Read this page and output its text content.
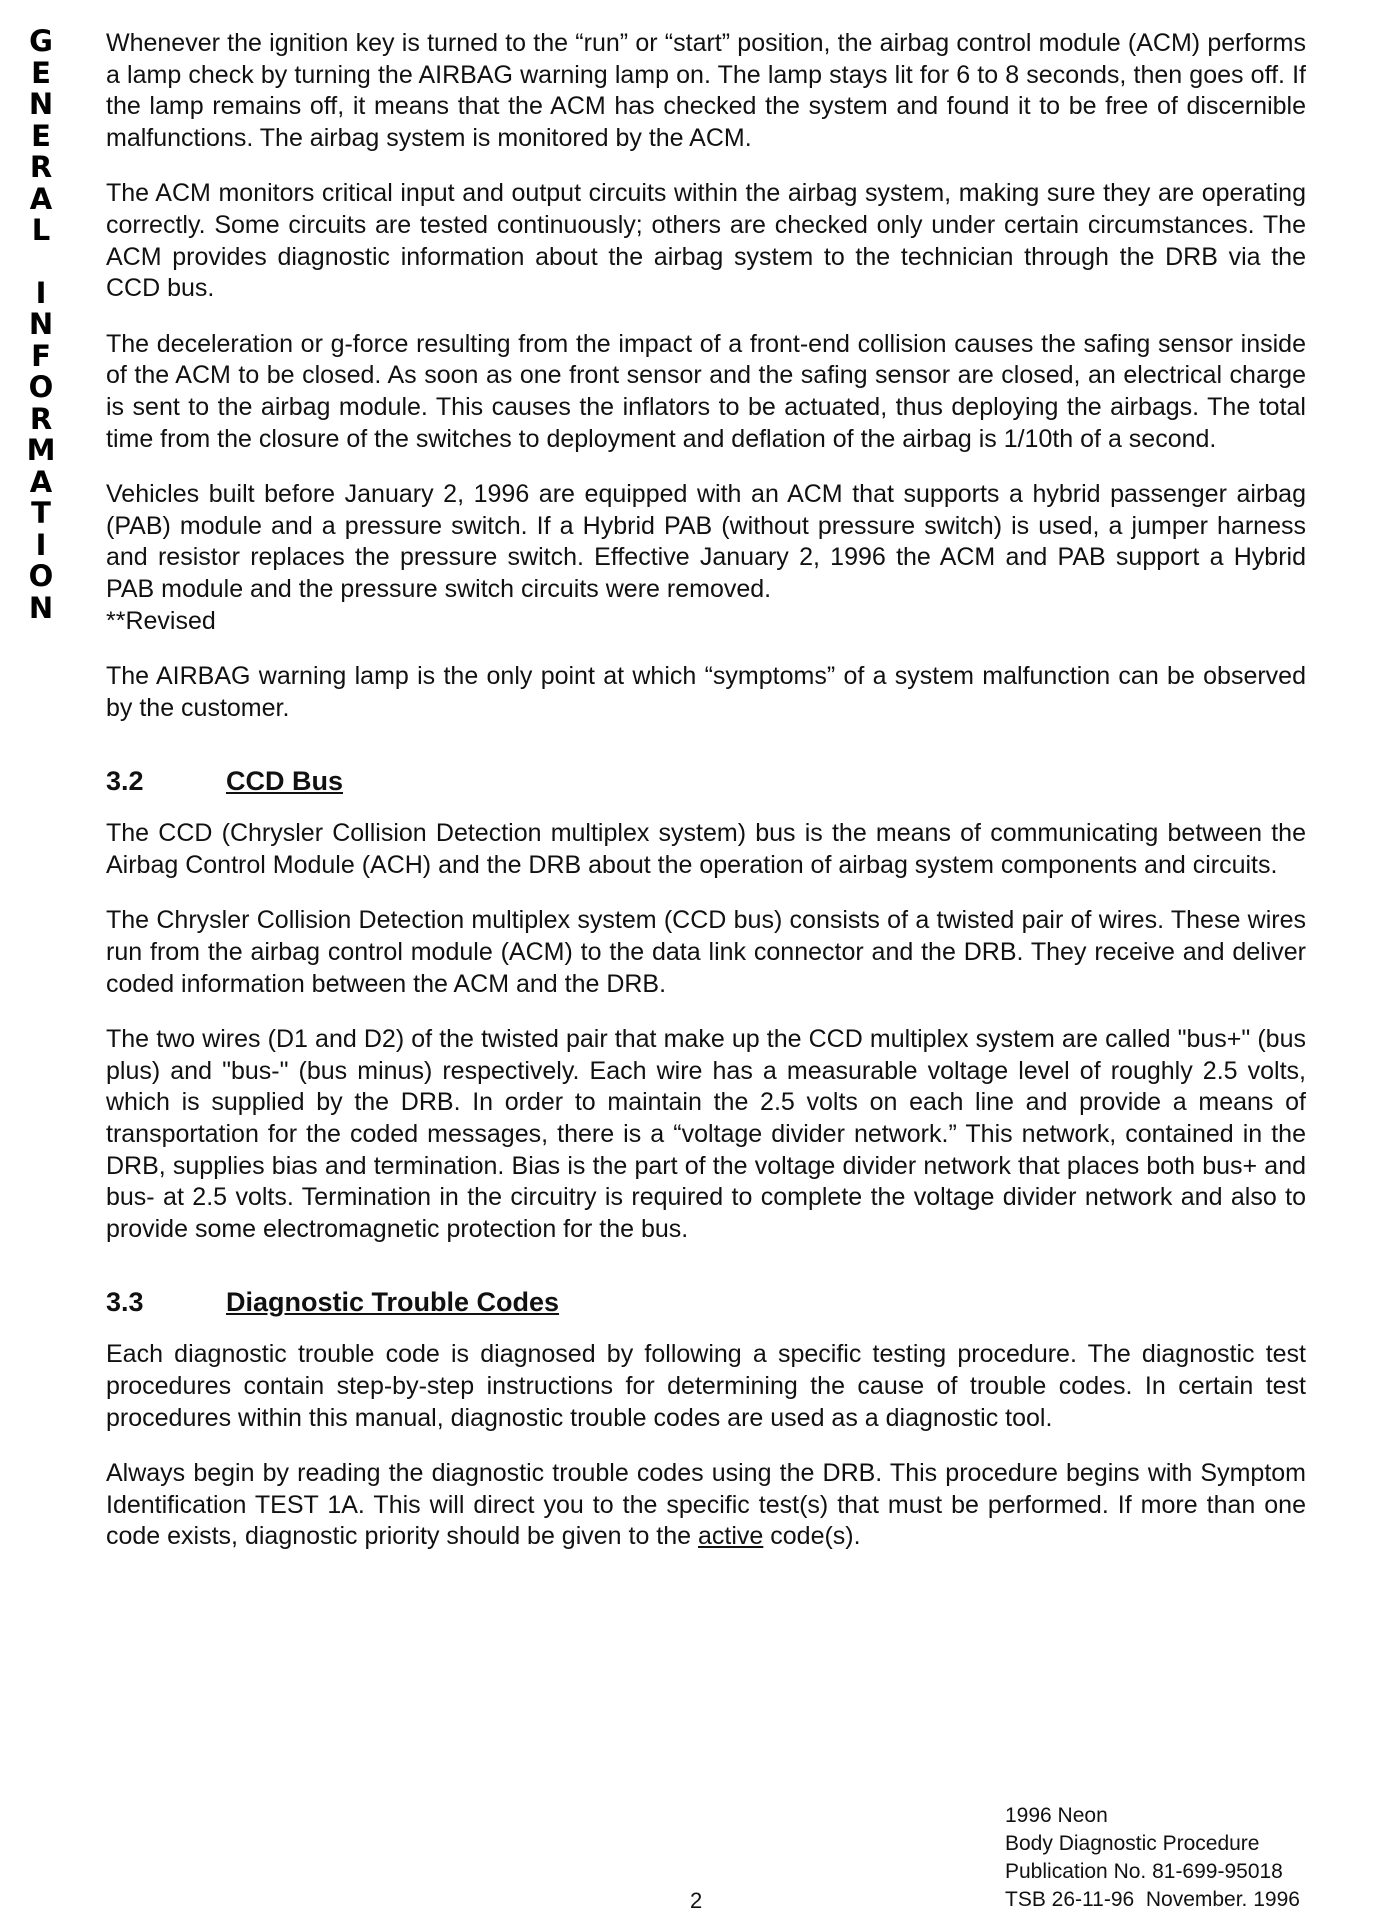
G
E
N
E
R
A
L
I
N
F
O
R
M
A
T
I
O
N

Whenever the ignition key is turned to the “run” or “start” position, the airbag control module (ACM) performs a lamp check by turning the AIRBAG warning lamp on. The lamp stays lit for 6 to 8 seconds, then goes off. If the lamp remains off, it means that the ACM has checked the system and found it to be free of discernible malfunctions. The airbag system is monitored by the ACM.

The ACM monitors critical input and output circuits within the airbag system, making sure they are operating correctly. Some circuits are tested continuously; others are checked only under certain circumstances. The ACM provides diagnostic information about the airbag system to the technician through the DRB via the CCD bus.

The deceleration or g-force resulting from the impact of a front-end collision causes the safing sensor inside of the ACM to be closed. As soon as one front sensor and the safing sensor are closed, an electrical charge is sent to the airbag module. This causes the inflators to be actuated, thus deploying the airbags. The total time from the closure of the switches to deployment and deflation of the airbag is 1/10th of a second.

Vehicles built before January 2, 1996 are equipped with an ACM that supports a hybrid passenger airbag (PAB) module and a pressure switch. If a Hybrid PAB (without pressure switch) is used, a jumper harness and resistor replaces the pressure switch. Effective January 2, 1996 the ACM and PAB support a Hybrid PAB module and the pressure switch circuits were removed.

**Revised

The AIRBAG warning lamp is the only point at which “symptoms” of a system malfunction can be observed by the customer.

3.2	CCD Bus

The CCD (Chrysler Collision Detection multiplex system) bus is the means of communicating between the Airbag Control Module (ACH) and the DRB about the operation of airbag system components and circuits.

The Chrysler Collision Detection multiplex system (CCD bus) consists of a twisted pair of wires. These wires run from the airbag control module (ACM) to the data link connector and the DRB. They receive and deliver coded information between the ACM and the DRB.

The two wires (D1 and D2) of the twisted pair that make up the CCD multiplex system are called "bus+" (bus plus) and "bus-" (bus minus) respectively. Each wire has a measurable voltage level of roughly 2.5 volts, which is supplied by the DRB. In order to maintain the 2.5 volts on each line and provide a means of transportation for the coded messages, there is a “voltage divider network.” This network, contained in the DRB, supplies bias and termination. Bias is the part of the voltage divider network that places both bus+ and bus- at 2.5 volts. Termination in the circuitry is required to complete the voltage divider network and also to provide some electromagnetic protection for the bus.

3.3	Diagnostic Trouble Codes

Each diagnostic trouble code is diagnosed by following a specific testing procedure. The diagnostic test procedures contain step-by-step instructions for determining the cause of trouble codes. In certain test procedures within this manual, diagnostic trouble codes are used as a diagnostic tool.

Always begin by reading the diagnostic trouble codes using the DRB. This procedure begins with Symptom Identification TEST 1A. This will direct you to the specific test(s) that must be performed. If more than one code exists, diagnostic priority should be given to the active code(s).

2
1996 Neon
Body Diagnostic Procedure
Publication No. 81-699-95018
TSB 26-11-96  November. 1996
